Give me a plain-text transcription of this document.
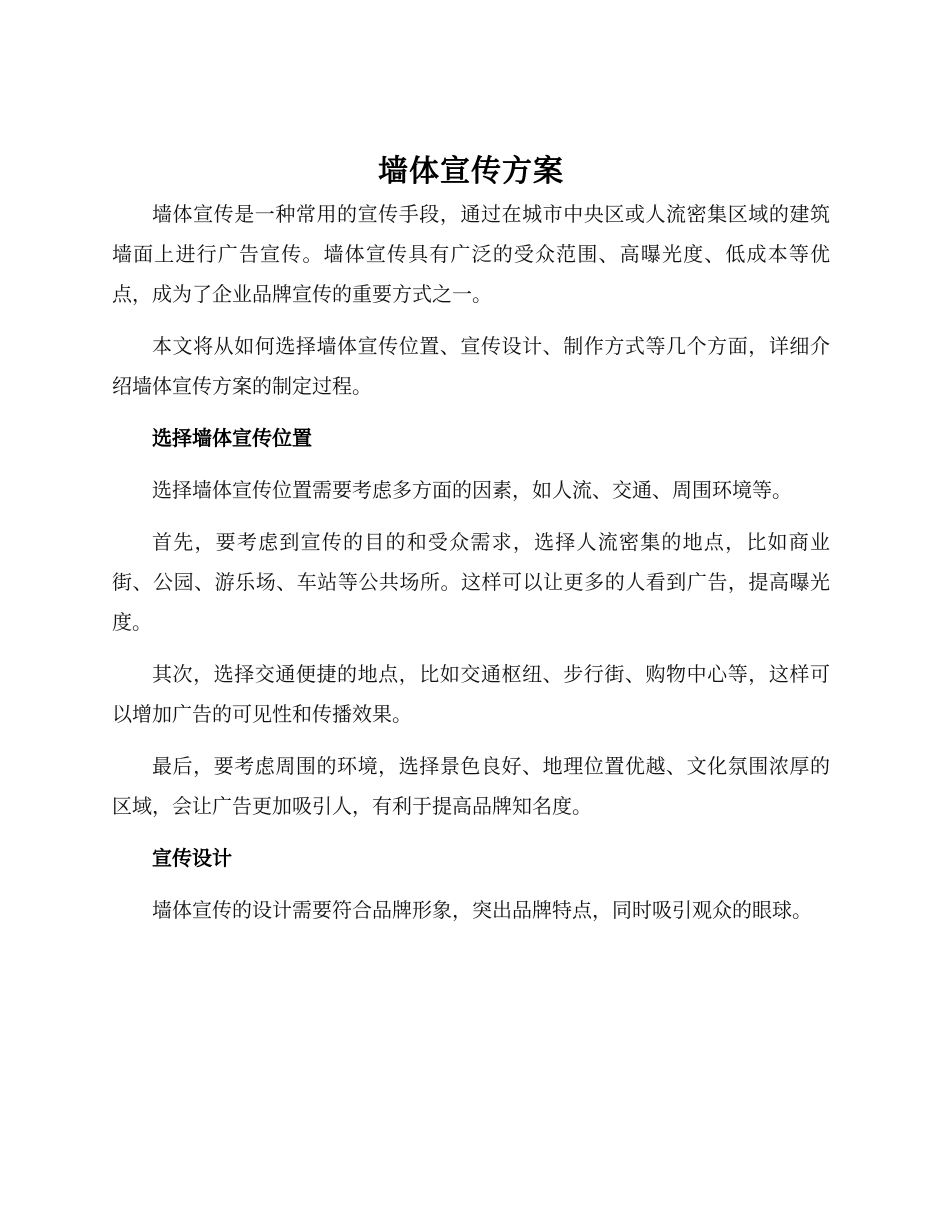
墙体宣传方案

墙体宣传是一种常用的宣传手段，通过在城市中央区或人流密集区域的建筑墙面上进行广告宣传。墙体宣传具有广泛的受众范围、高曝光度、低成本等优点，成为了企业品牌宣传的重要方式之一。

本文将从如何选择墙体宣传位置、宣传设计、制作方式等几个方面，详细介绍墙体宣传方案的制定过程。

选择墙体宣传位置

选择墙体宣传位置需要考虑多方面的因素，如人流、交通、周围环境等。

首先，要考虑到宣传的目的和受众需求，选择人流密集的地点，比如商业街、公园、游乐场、车站等公共场所。这样可以让更多的人看到广告，提高曝光度。

其次，选择交通便捷的地点，比如交通枢纽、步行街、购物中心等，这样可以增加广告的可见性和传播效果。

最后，要考虑周围的环境，选择景色良好、地理位置优越、文化氛围浓厚的区域，会让广告更加吸引人，有利于提高品牌知名度。

宣传设计

墙体宣传的设计需要符合品牌形象，突出品牌特点，同时吸引观众的眼球。
